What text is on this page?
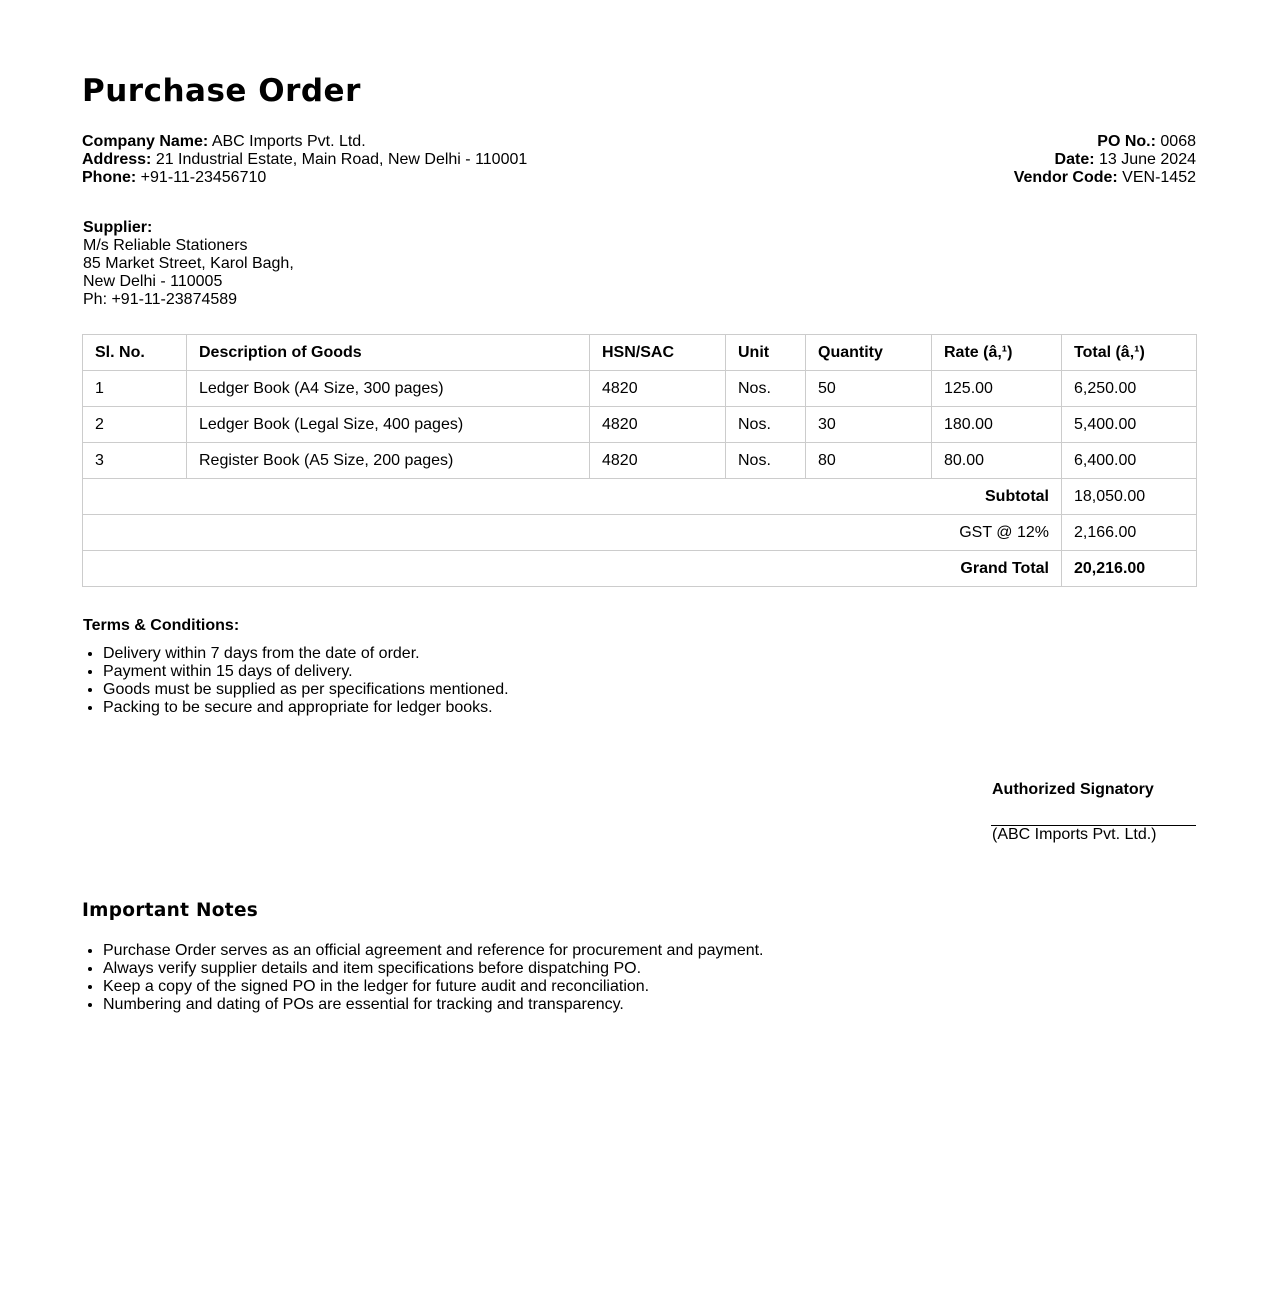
Purchase Order
Company Name: ABC Imports Pvt. Ltd.
Address: 21 Industrial Estate, Main Road, New Delhi - 110001
Phone: +91-11-23456710
PO No.: 0068
Date: 13 June 2024
Vendor Code: VEN-1452
Supplier:
M/s Reliable Stationers
85 Market Street, Karol Bagh,
New Delhi - 110005
Ph: +91-11-23874589
Sl. No.	Description of Goods	HSN/SAC	Unit	Quantity	Rate (â‚¹)	Total (â‚¹)
1	Ledger Book (A4 Size, 300 pages)	4820	Nos.	50	125.00	6,250.00
2	Ledger Book (Legal Size, 400 pages)	4820	Nos.	30	180.00	5,400.00
3	Register Book (A5 Size, 200 pages)	4820	Nos.	80	80.00	6,400.00
Subtotal						18,050.00
GST @ 12%						2,166.00
Grand Total						20,216.00
Terms & Conditions:
• Delivery within 7 days from the date of order.
• Payment within 15 days of delivery.
• Goods must be supplied as per specifications mentioned.
• Packing to be secure and appropriate for ledger books.
Authorized Signatory
(ABC Imports Pvt. Ltd.)
Important Notes
• Purchase Order serves as an official agreement and reference for procurement and payment.
• Always verify supplier details and item specifications before dispatching PO.
• Keep a copy of the signed PO in the ledger for future audit and reconciliation.
• Numbering and dating of POs are essential for tracking and transparency.
